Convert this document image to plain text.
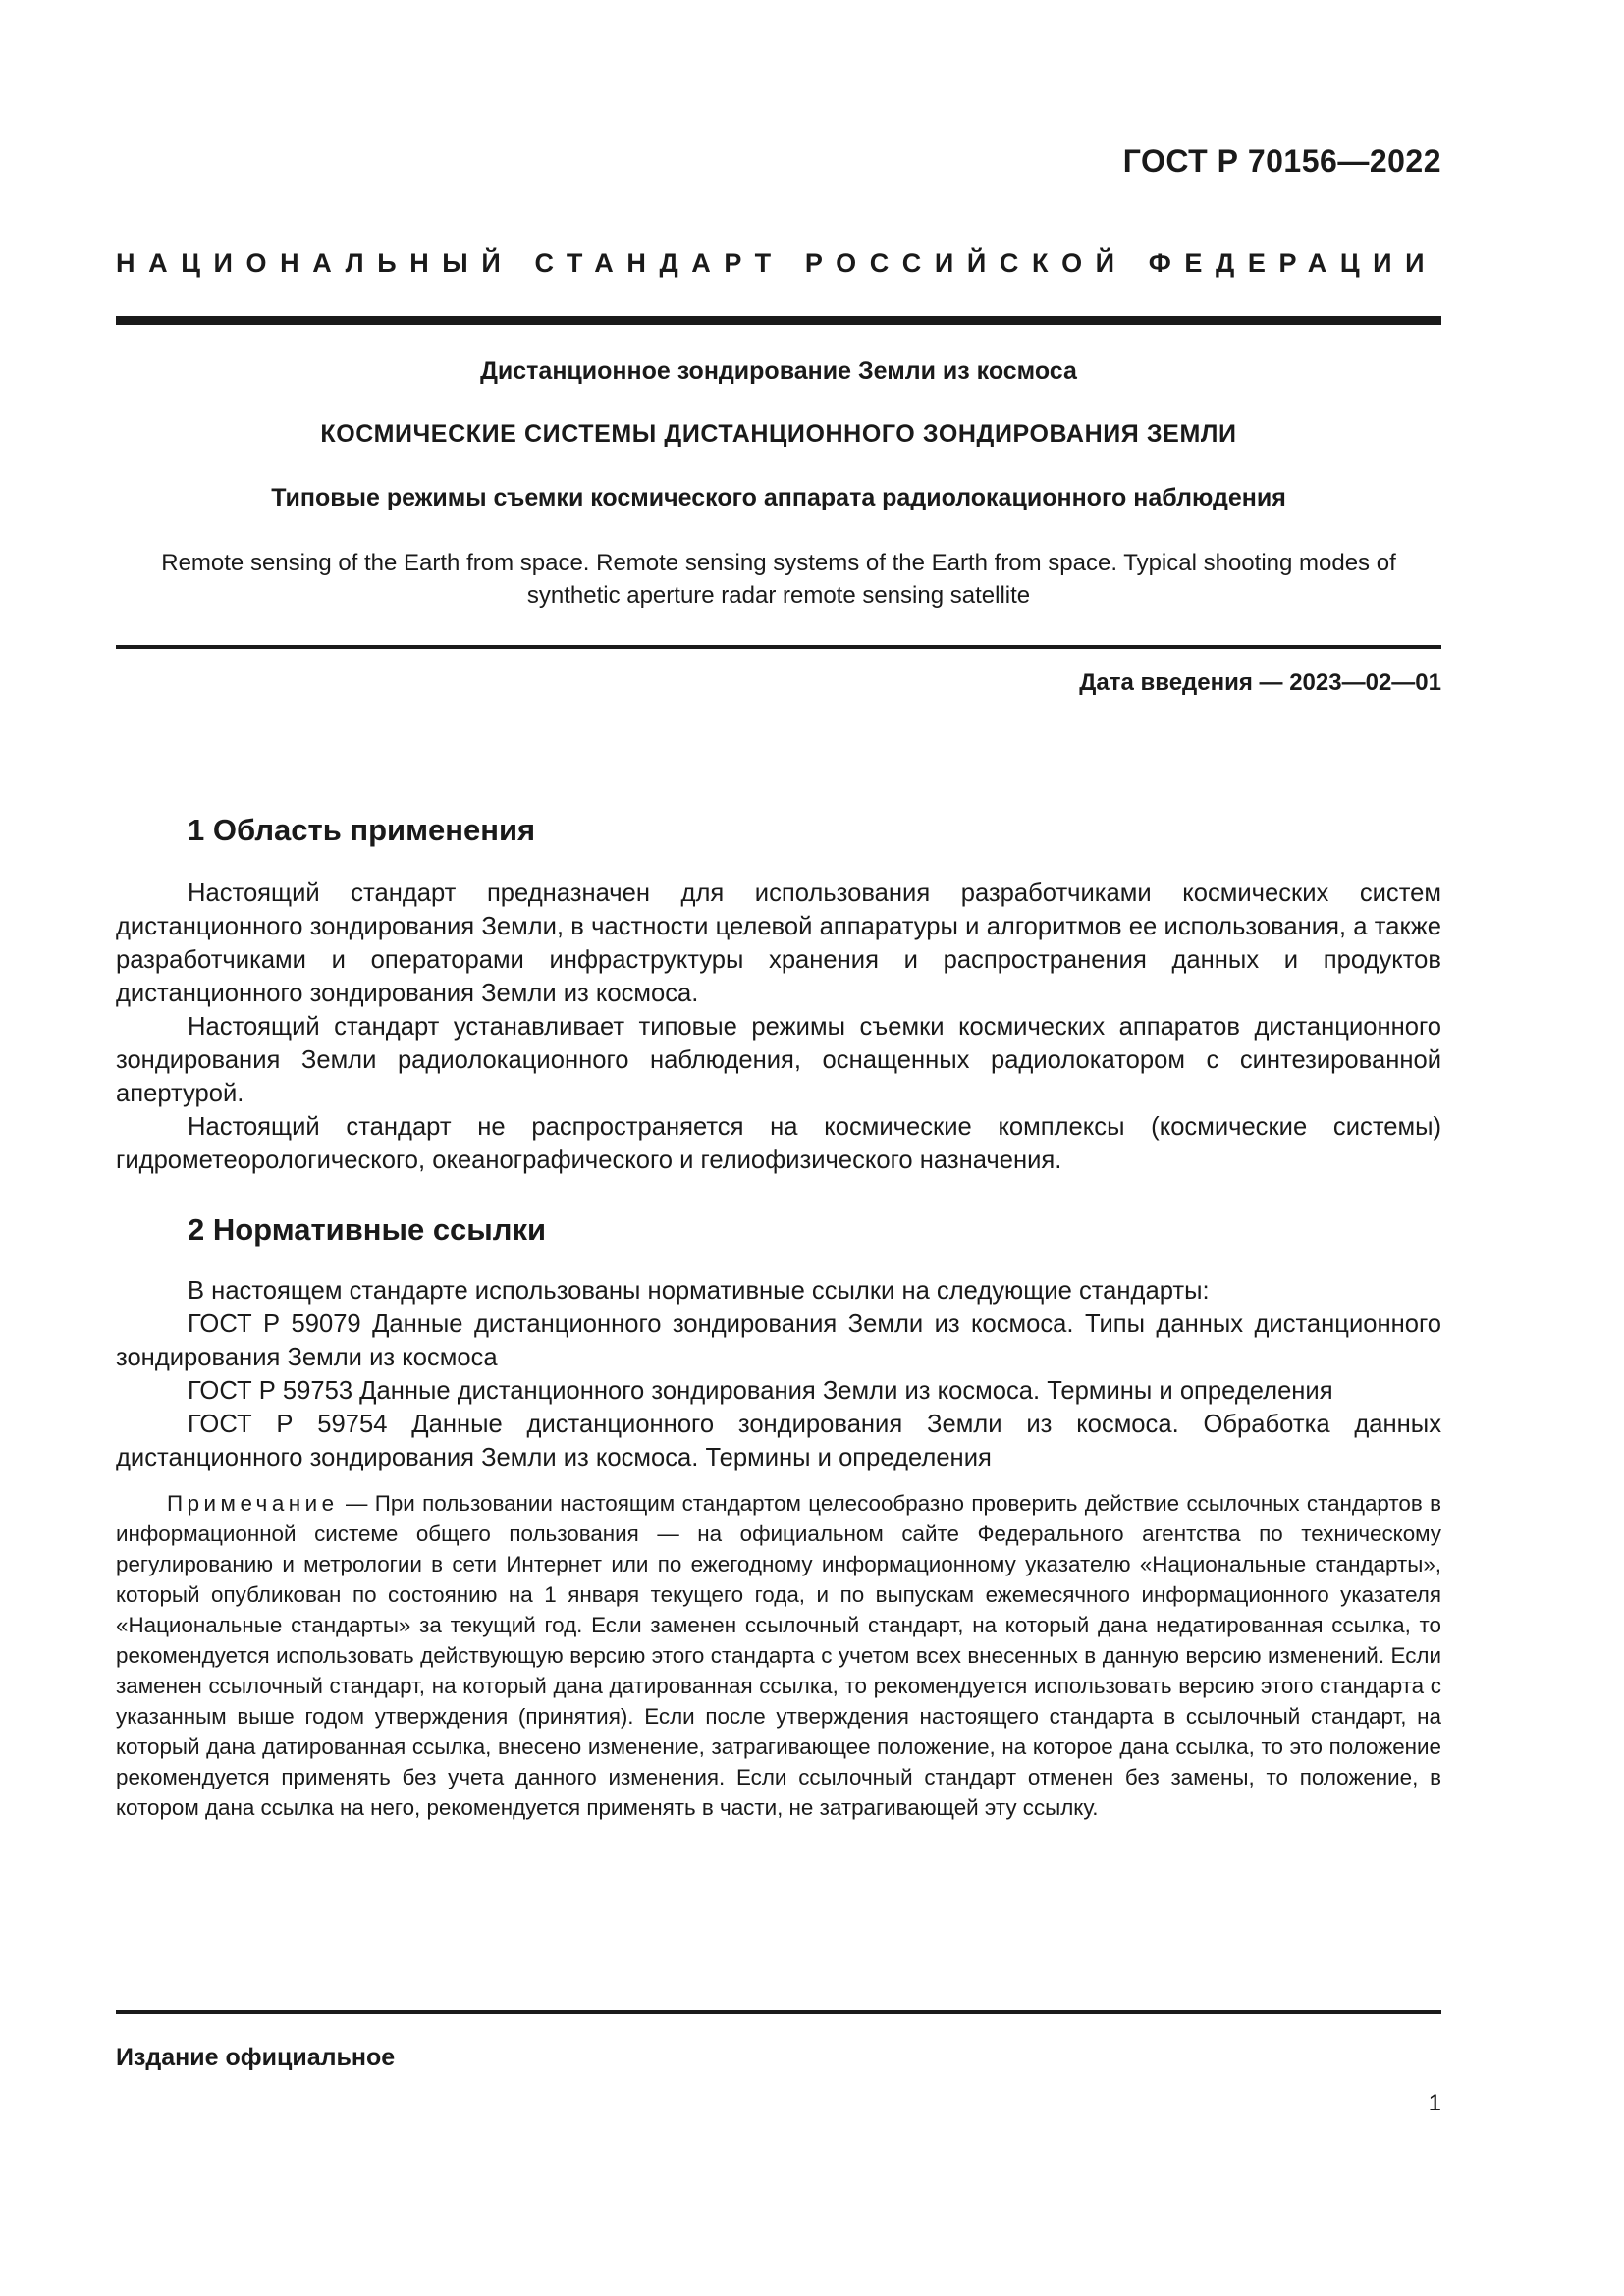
ГОСТ Р 70156—2022
НАЦИОНАЛЬНЫЙ СТАНДАРТ РОССИЙСКОЙ ФЕДЕРАЦИИ
Дистанционное зондирование Земли из космоса
КОСМИЧЕСКИЕ СИСТЕМЫ ДИСТАНЦИОННОГО ЗОНДИРОВАНИЯ ЗЕМЛИ
Типовые режимы съемки космического аппарата радиолокационного наблюдения
Remote sensing of the Earth from space. Remote sensing systems of the Earth from space. Typical shooting modes of synthetic aperture radar remote sensing satellite
Дата введения — 2023—02—01
1 Область применения

Настоящий стандарт предназначен для использования разработчиками космических систем дистанционного зондирования Земли, в частности целевой аппаратуры и алгоритмов ее использования, а также разработчиками и операторами инфраструктуры хранения и распространения данных и продуктов дистанционного зондирования Земли из космоса.

Настоящий стандарт устанавливает типовые режимы съемки космических аппаратов дистанционного зондирования Земли радиолокационного наблюдения, оснащенных радиолокатором с синтезированной апертурой.

Настоящий стандарт не распространяется на космические комплексы (космические системы) гидрометеорологического, океанографического и гелиофизического назначения.

2 Нормативные ссылки

В настоящем стандарте использованы нормативные ссылки на следующие стандарты:

ГОСТ Р 59079 Данные дистанционного зондирования Земли из космоса. Типы данных дистанционного зондирования Земли из космоса

ГОСТ Р 59753 Данные дистанционного зондирования Земли из космоса. Термины и определения

ГОСТ Р 59754 Данные дистанционного зондирования Земли из космоса. Обработка данных дистанционного зондирования Земли из космоса. Термины и определения

Примечание — При пользовании настоящим стандартом целесообразно проверить действие ссылочных стандартов в информационной системе общего пользования — на официальном сайте Федерального агентства по техническому регулированию и метрологии в сети Интернет или по ежегодному информационному указателю «Национальные стандарты», который опубликован по состоянию на 1 января текущего года, и по выпускам ежемесячного информационного указателя «Национальные стандарты» за текущий год. Если заменен ссылочный стандарт, на который дана недатированная ссылка, то рекомендуется использовать действующую версию этого стандарта с учетом всех внесенных в данную версию изменений. Если заменен ссылочный стандарт, на который дана датированная ссылка, то рекомендуется использовать версию этого стандарта с указанным выше годом утверждения (принятия). Если после утверждения настоящего стандарта в ссылочный стандарт, на который дана датированная ссылка, внесено изменение, затрагивающее положение, на которое дана ссылка, то это положение рекомендуется применять без учета данного изменения. Если ссылочный стандарт отменен без замены, то положение, в котором дана ссылка на него, рекомендуется применять в части, не затрагивающей эту ссылку.

Издание официальное
1
